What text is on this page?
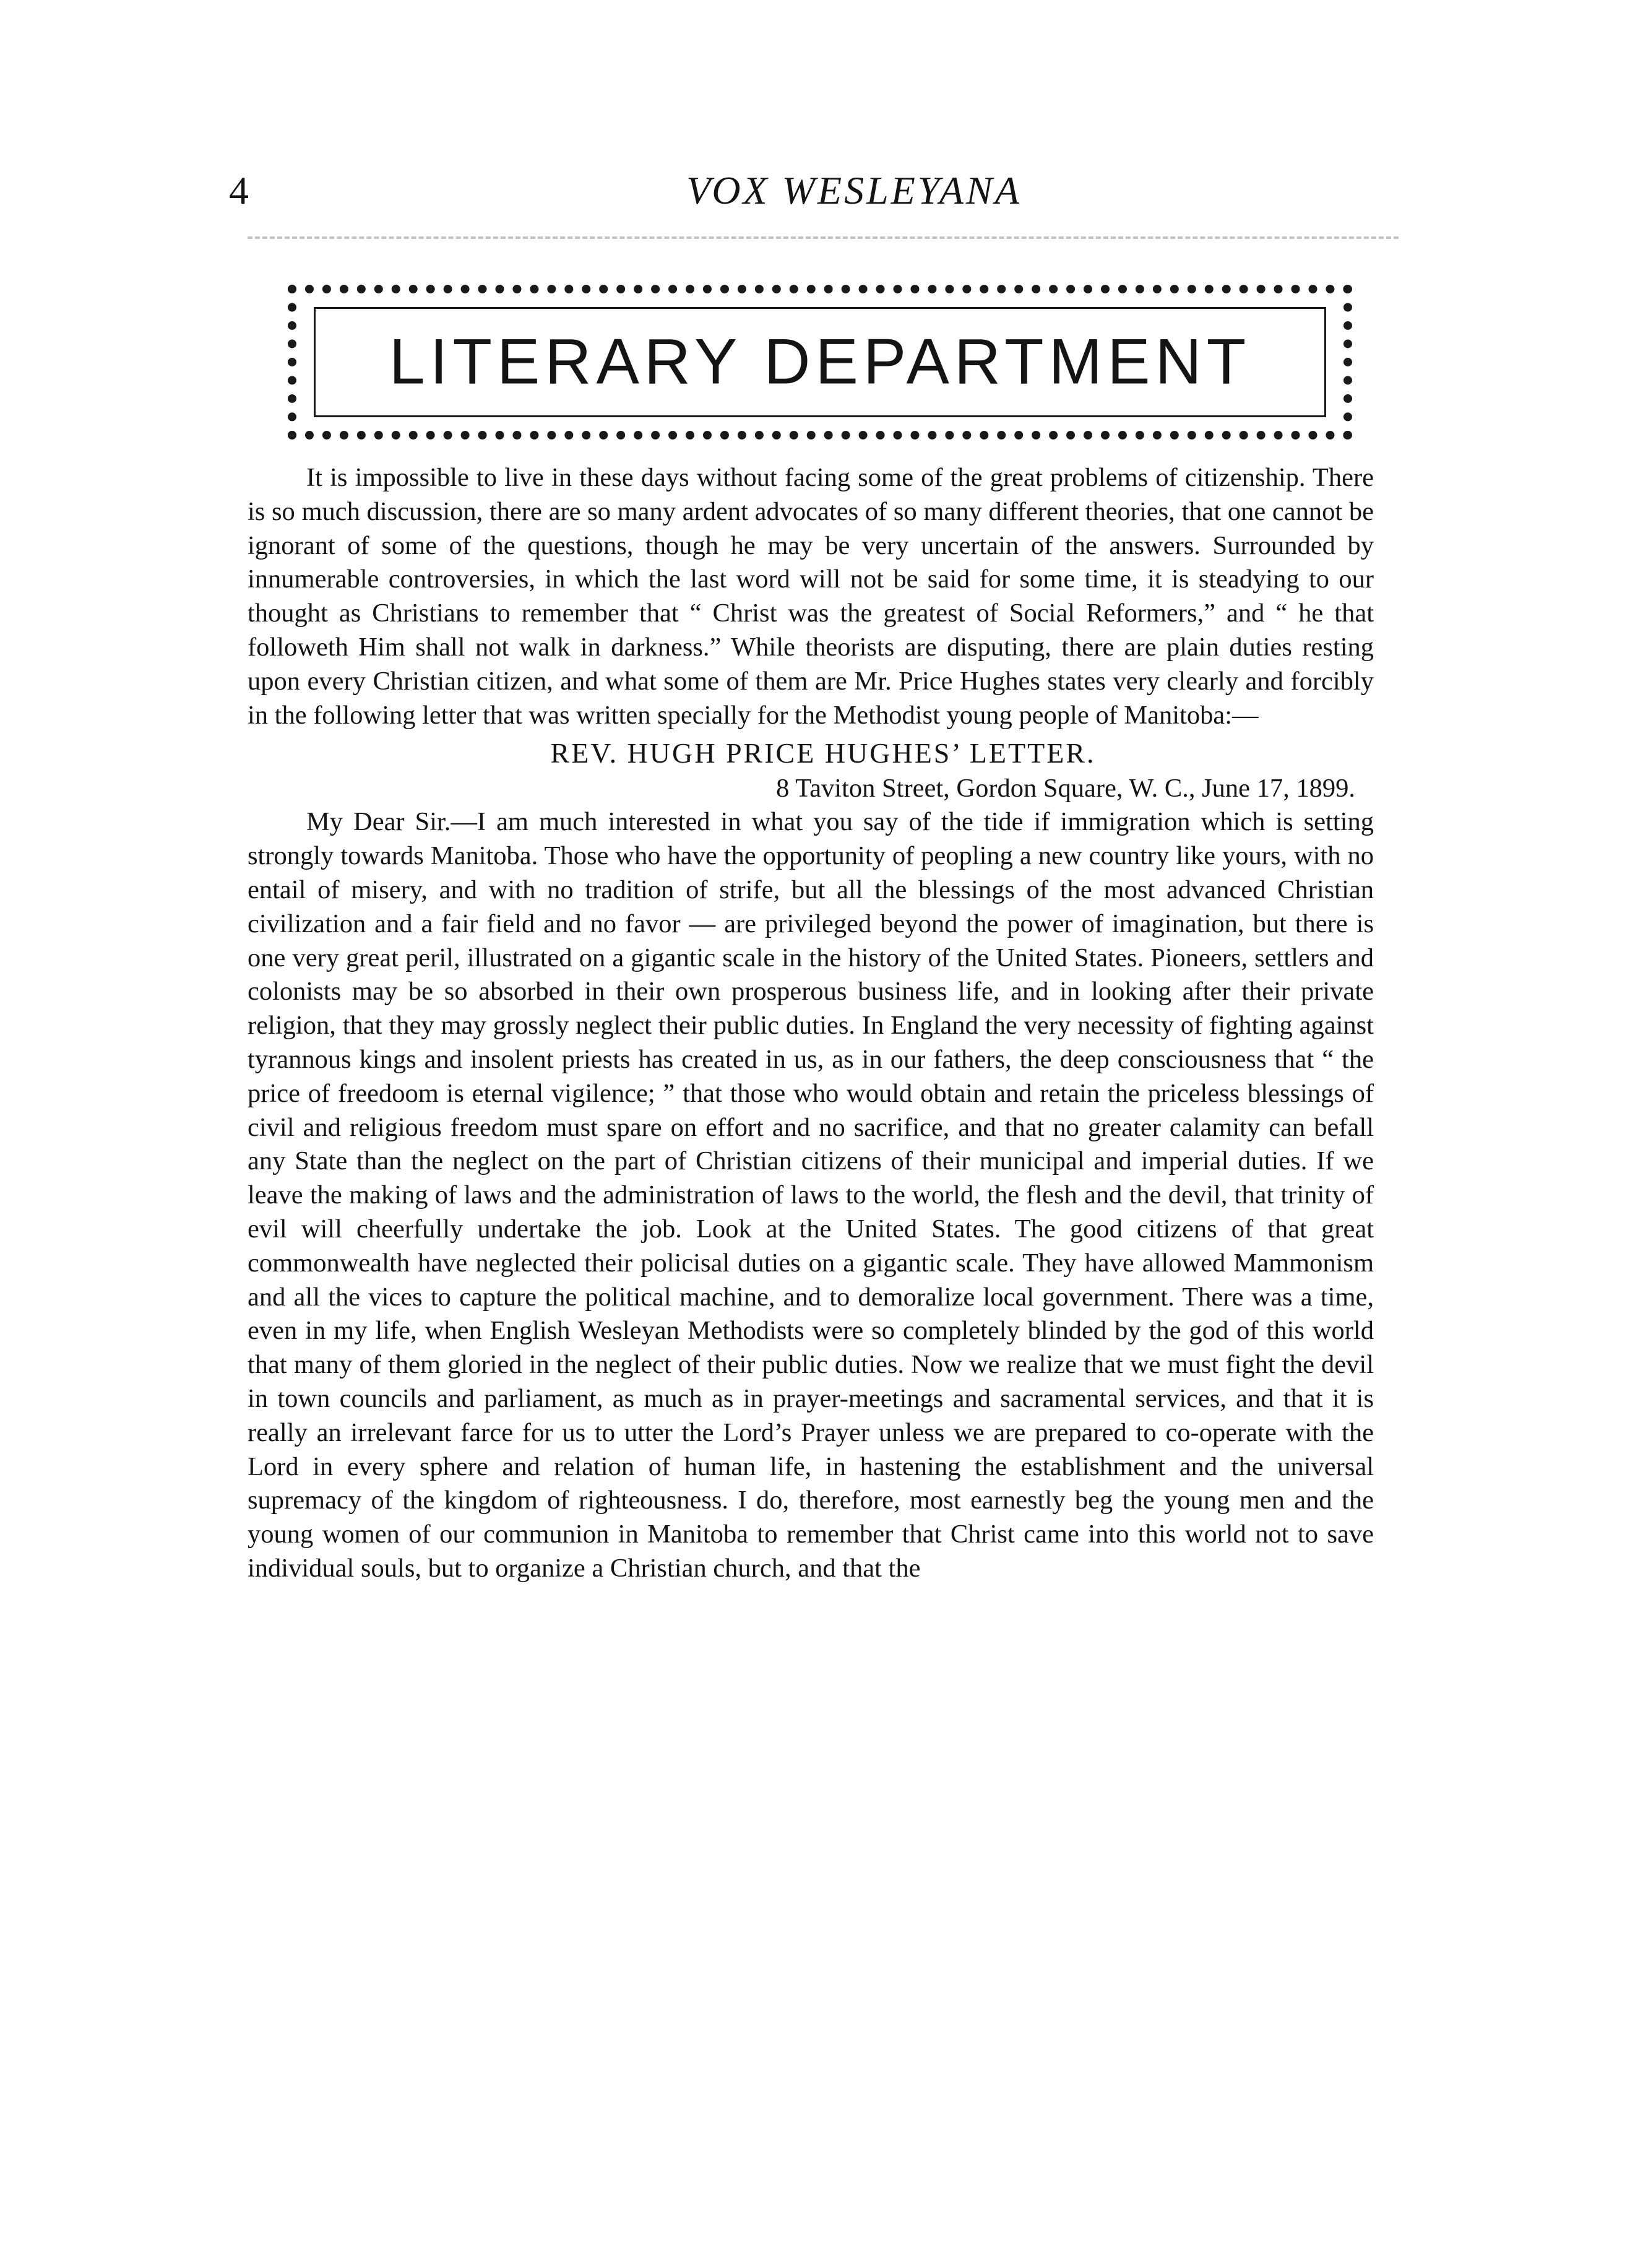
4	VOX WESLEYANA
LITERARY DEPARTMENT

It is impossible to live in these days without facing some of the great problems of citizenship. There is so much discussion, there are so many ardent advocates of so many different theories, that one cannot be ignorant of some of the questions, though he may be very uncertain of the answers. Surrounded by innumerable controversies, in which the last word will not be said for some time, it is steadying to our thought as Christians to remember that “ Christ was the greatest of Social Reformers,” and “ he that followeth Him shall not walk in darkness.” While theorists are disputing, there are plain duties resting upon every Christian citizen, and what some of them are Mr. Price Hughes states very clearly and forcibly in the following letter that was written specially for the Methodist young people of Manitoba:—

REV. HUGH PRICE HUGHES’ LETTER.
8 Taviton Street, Gordon Square, W. C., June 17, 1899.

My Dear Sir.—I am much interested in what you say of the tide if immigration which is setting strongly towards Manitoba. Those who have the opportunity of peopling a new country like yours, with no entail of misery, and with no tradition of strife, but all the blessings of the most advanced Christian civilization and a fair field and no favor — are privileged beyond the power of imagination, but there is one very great peril, illustrated on a gigantic scale in the history of the United States. Pioneers, settlers and colonists may be so absorbed in their own prosperous business life, and in looking after their private religion, that they may grossly neglect their public duties. In England the very necessity of fighting against tyrannous kings and insolent priests has created in us, as in our fathers, the deep consciousness that “ the price of freedoom is eternal vigilence; ” that those who would obtain and retain the priceless blessings of civil and religious freedom must spare on effort and no sacrifice, and that no greater calamity can befall any State than the neglect on the part of Christian citizens of their municipal and imperial duties. If we leave the making of laws and the administration of laws to the world, the flesh and the devil, that trinity of evil will cheerfully undertake the job. Look at the United States. The good citizens of that great commonwealth have neglected their policisal duties on a gigantic scale. They have allowed Mammonism and all the vices to capture the political machine, and to demoralize local government. There was a time, even in my life, when English Wesleyan Methodists were so completely blinded by the god of this world that many of them gloried in the neglect of their public duties. Now we realize that we must fight the devil in town councils and parliament, as much as in prayer-meetings and sacramental services, and that it is really an irrelevant farce for us to utter the Lord’s Prayer unless we are prepared to co-operate with the Lord in every sphere and relation of human life, in hastening the establishment and the universal supremacy of the kingdom of righteousness. I do, therefore, most earnestly beg the young men and the young women of our communion in Manitoba to remember that Christ came into this world not to save individual souls, but to organize a Christian church, and that the
